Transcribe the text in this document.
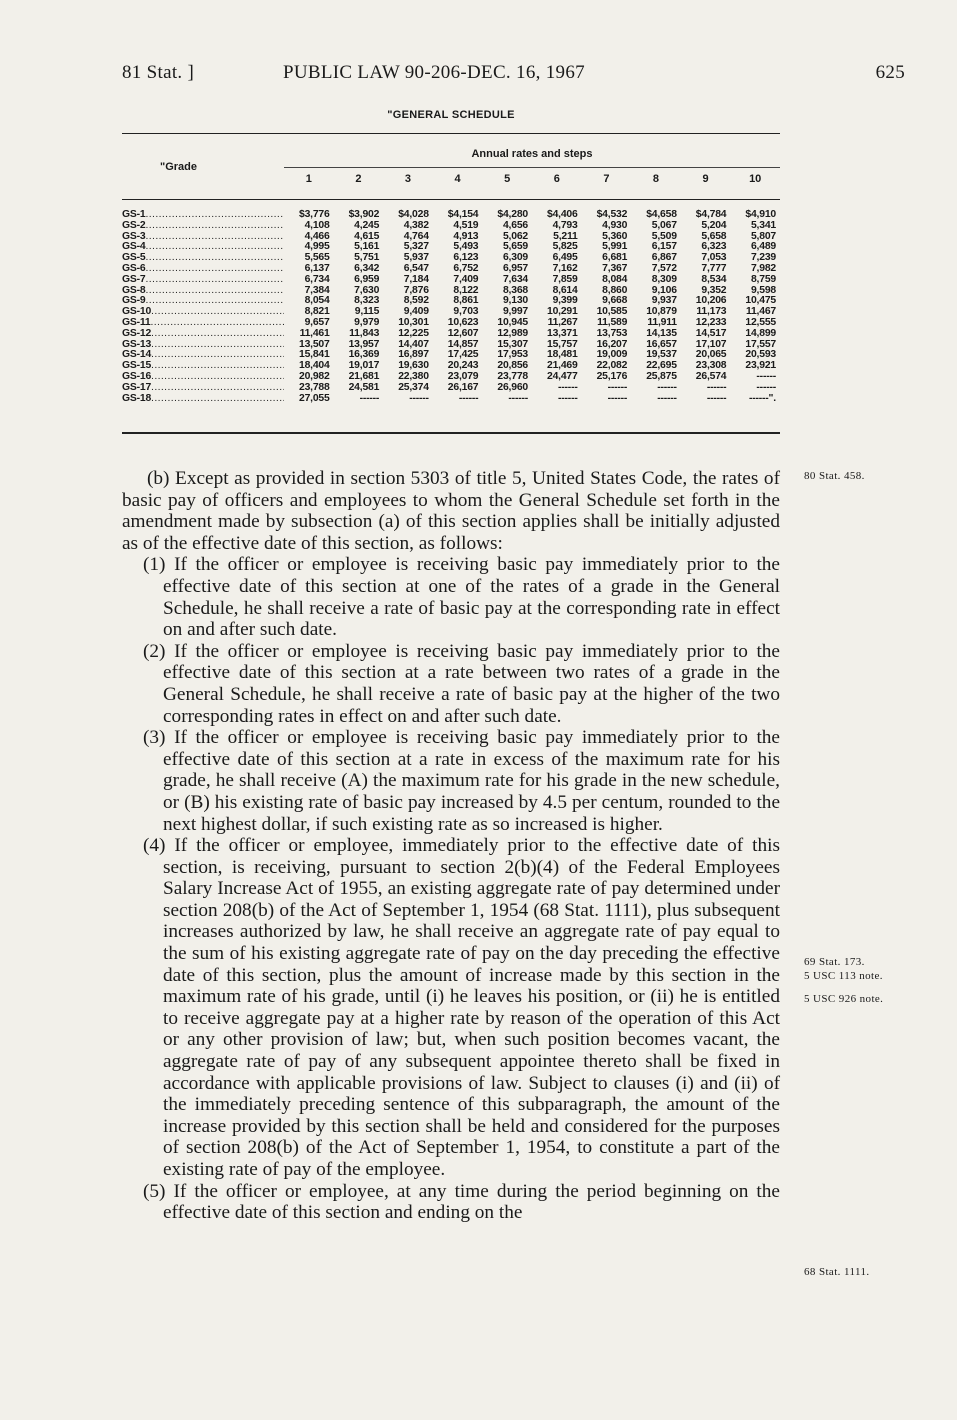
81 Stat. ]	PUBLIC LAW 90-206-DEC. 16, 1967	625
"GENERAL SCHEDULE
"Grade
Annual rates and steps
1	2	3	4	5	6	7	8	9	10
GS-1 .....	$3,776	$3,902	$4,028	$4,154	$4,280	$4,406	$4,532	$4,658	$4,784	$4,910
GS-2 .....	4,108	4,245	4,382	4,519	4,656	4,793	4,930	5,067	5,204	5,341
GS-3 .....	4,466	4,615	4,764	4,913	5,062	5,211	5,360	5,509	5,658	5,807
GS-4 .....	4,995	5,161	5,327	5,493	5,659	5,825	5,991	6,157	6,323	6,489
GS-5 .....	5,565	5,751	5,937	6,123	6,309	6,495	6,681	6,867	7,053	7,239
GS-6 .....	6,137	6,342	6,547	6,752	6,957	7,162	7,367	7,572	7,777	7,982
GS-7 .....	6,734	6,959	7,184	7,409	7,634	7,859	8,084	8,309	8,534	8,759
GS-8 .....	7,384	7,630	7,876	8,122	8,368	8,614	8,860	9,106	9,352	9,598
GS-9 .....	8,054	8,323	8,592	8,861	9,130	9,399	9,668	9,937	10,206	10,475
GS-10 .....	8,821	9,115	9,409	9,703	9,997	10,291	10,585	10,879	11,173	11,467
GS-11 .....	9,657	9,979	10,301	10,623	10,945	11,267	11,589	11,911	12,233	12,555
GS-12 .....	11,461	11,843	12,225	12,607	12,989	13,371	13,753	14,135	14,517	14,899
GS-13 .....	13,507	13,957	14,407	14,857	15,307	15,757	16,207	16,657	17,107	17,557
GS-14 .....	15,841	16,369	16,897	17,425	17,953	18,481	19,009	19,537	20,065	20,593
GS-15 .....	18,404	19,017	19,630	20,243	20,856	21,469	22,082	22,695	23,308	23,921
GS-16 .....	20,982	21,681	22,380	23,079	23,778	24,477	25,176	25,875	26,574	------
GS-17 .....	23,788	24,581	25,374	26,167	26,960	------	------	------	------	------
GS-18 .....	27,055	------	------	------	------	------	------	------	------	------".

(b) Except as provided in section 5303 of title 5, United States Code, the rates of basic pay of officers and employees to whom the General Schedule set forth in the amendment made by subsection (a) of this section applies shall be initially adjusted as of the effective date of this section, as follows:

(1) If the officer or employee is receiving basic pay immediately prior to the effective date of this section at one of the rates of a grade in the General Schedule, he shall receive a rate of basic pay at the corresponding rate in effect on and after such date.

(2) If the officer or employee is receiving basic pay immediately prior to the effective date of this section at a rate between two rates of a grade in the General Schedule, he shall receive a rate of basic pay at the higher of the two corresponding rates in effect on and after such date.

(3) If the officer or employee is receiving basic pay immediately prior to the effective date of this section at a rate in excess of the maximum rate for his grade, he shall receive (A) the maximum rate for his grade in the new schedule, or (B) his existing rate of basic pay increased by 4.5 per centum, rounded to the next highest dollar, if such existing rate as so increased is higher.

(4) If the officer or employee, immediately prior to the effective date of this section, is receiving, pursuant to section 2(b)(4) of the Federal Employees Salary Increase Act of 1955, an existing aggregate rate of pay determined under section 208(b) of the Act of September 1, 1954 (68 Stat. 1111), plus subsequent increases authorized by law, he shall receive an aggregate rate of pay equal to the sum of his existing aggregate rate of pay on the day preceding the effective date of this section, plus the amount of increase made by this section in the maximum rate of his grade, until (i) he leaves his position, or (ii) he is entitled to receive aggregate pay at a higher rate by reason of the operation of this Act or any other provision of law; but, when such position becomes vacant, the aggregate rate of pay of any subsequent appointee thereto shall be fixed in accordance with applicable provisions of law. Subject to clauses (i) and (ii) of the immediately preceding sentence of this subparagraph, the amount of the increase provided by this section shall be held and considered for the purposes of section 208(b) of the Act of September 1, 1954, to constitute a part of the existing rate of pay of the employee.

(5) If the officer or employee, at any time during the period beginning on the effective date of this section and ending on the

80 Stat. 458.
69 Stat. 173.
5 USC 113 note.
5 USC 926 note.
68 Stat. 1111.
